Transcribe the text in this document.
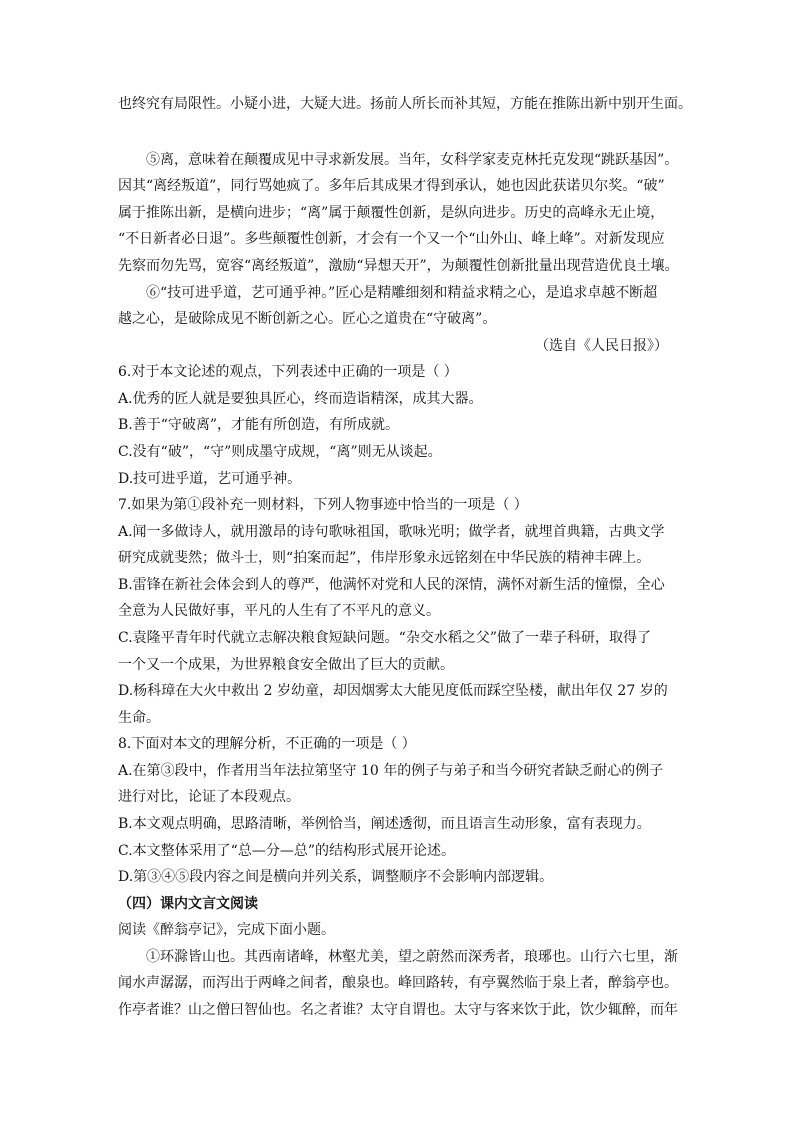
也终究有局限性。小疑小进，大疑大进。扬前人所长而补其短，方能在推陈出新中别开生面。
⑤离，意味着在颠覆成见中寻求新发展。当年，女科学家麦克林托克发现“跳跃基因”。
因其“离经叛道”，同行骂她疯了。多年后其成果才得到承认，她也因此获诺贝尔奖。“破”
属于推陈出新，是横向进步；“离”属于颠覆性创新，是纵向进步。历史的高峰永无止境，
“不日新者必日退”。多些颠覆性创新，才会有一个又一个“山外山、峰上峰”。对新发现应
先察而勿先骂，宽容“离经叛道”，激励“异想天开”，为颠覆性创新批量出现营造优良土壤。
⑥“技可进乎道，艺可通乎神。”匠心是精雕细刻和精益求精之心，是追求卓越不断超
越之心，是破除成见不断创新之心。匠心之道贵在“守破离”。
（选自《人民日报》）
6.对于本文论述的观点，下列表述中正确的一项是（ ）
A.优秀的匠人就是要独具匠心，终而造诣精深，成其大器。
B.善于“守破离”，才能有所创造，有所成就。
C.没有“破”，“守”则成墨守成规，“离”则无从谈起。
D.技可进乎道，艺可通乎神。
7.如果为第①段补充一则材料，下列人物事迹中恰当的一项是（ ）
A.闻一多做诗人，就用激昂的诗句歌咏祖国，歌咏光明；做学者，就埋首典籍，古典文学
研究成就斐然；做斗士，则“拍案而起”，伟岸形象永远铭刻在中华民族的精神丰碑上。
B.雷锋在新社会体会到人的尊严，他满怀对党和人民的深情，满怀对新生活的憧憬，全心
全意为人民做好事，平凡的人生有了不平凡的意义。
C.袁隆平青年时代就立志解决粮食短缺问题。“杂交水稻之父”做了一辈子科研，取得了
一个又一个成果，为世界粮食安全做出了巨大的贡献。
D.杨科璋在大火中救出 2 岁幼童，却因烟雾太大能见度低而踩空坠楼，献出年仅 27 岁的
生命。
8.下面对本文的理解分析，不正确的一项是（ ）
A.在第③段中，作者用当年法拉第坚守 10 年的例子与弟子和当今研究者缺乏耐心的例子
进行对比，论证了本段观点。
B.本文观点明确，思路清晰，举例恰当，阐述透彻，而且语言生动形象，富有表现力。
C.本文整体采用了“总—分—总”的结构形式展开论述。
D.第③④⑤段内容之间是横向并列关系，调整顺序不会影响内部逻辑。
（四）课内文言文阅读
阅读《醉翁亭记》，完成下面小题。
①环滁皆山也。其西南诸峰，林壑尤美，望之蔚然而深秀者，琅琊也。山行六七里，渐
闻水声潺潺，而泻出于两峰之间者，酿泉也。峰回路转，有亭翼然临于泉上者，醉翁亭也。
作亭者谁？山之僧曰智仙也。名之者谁？太守自谓也。太守与客来饮于此，饮少辄醉，而年
